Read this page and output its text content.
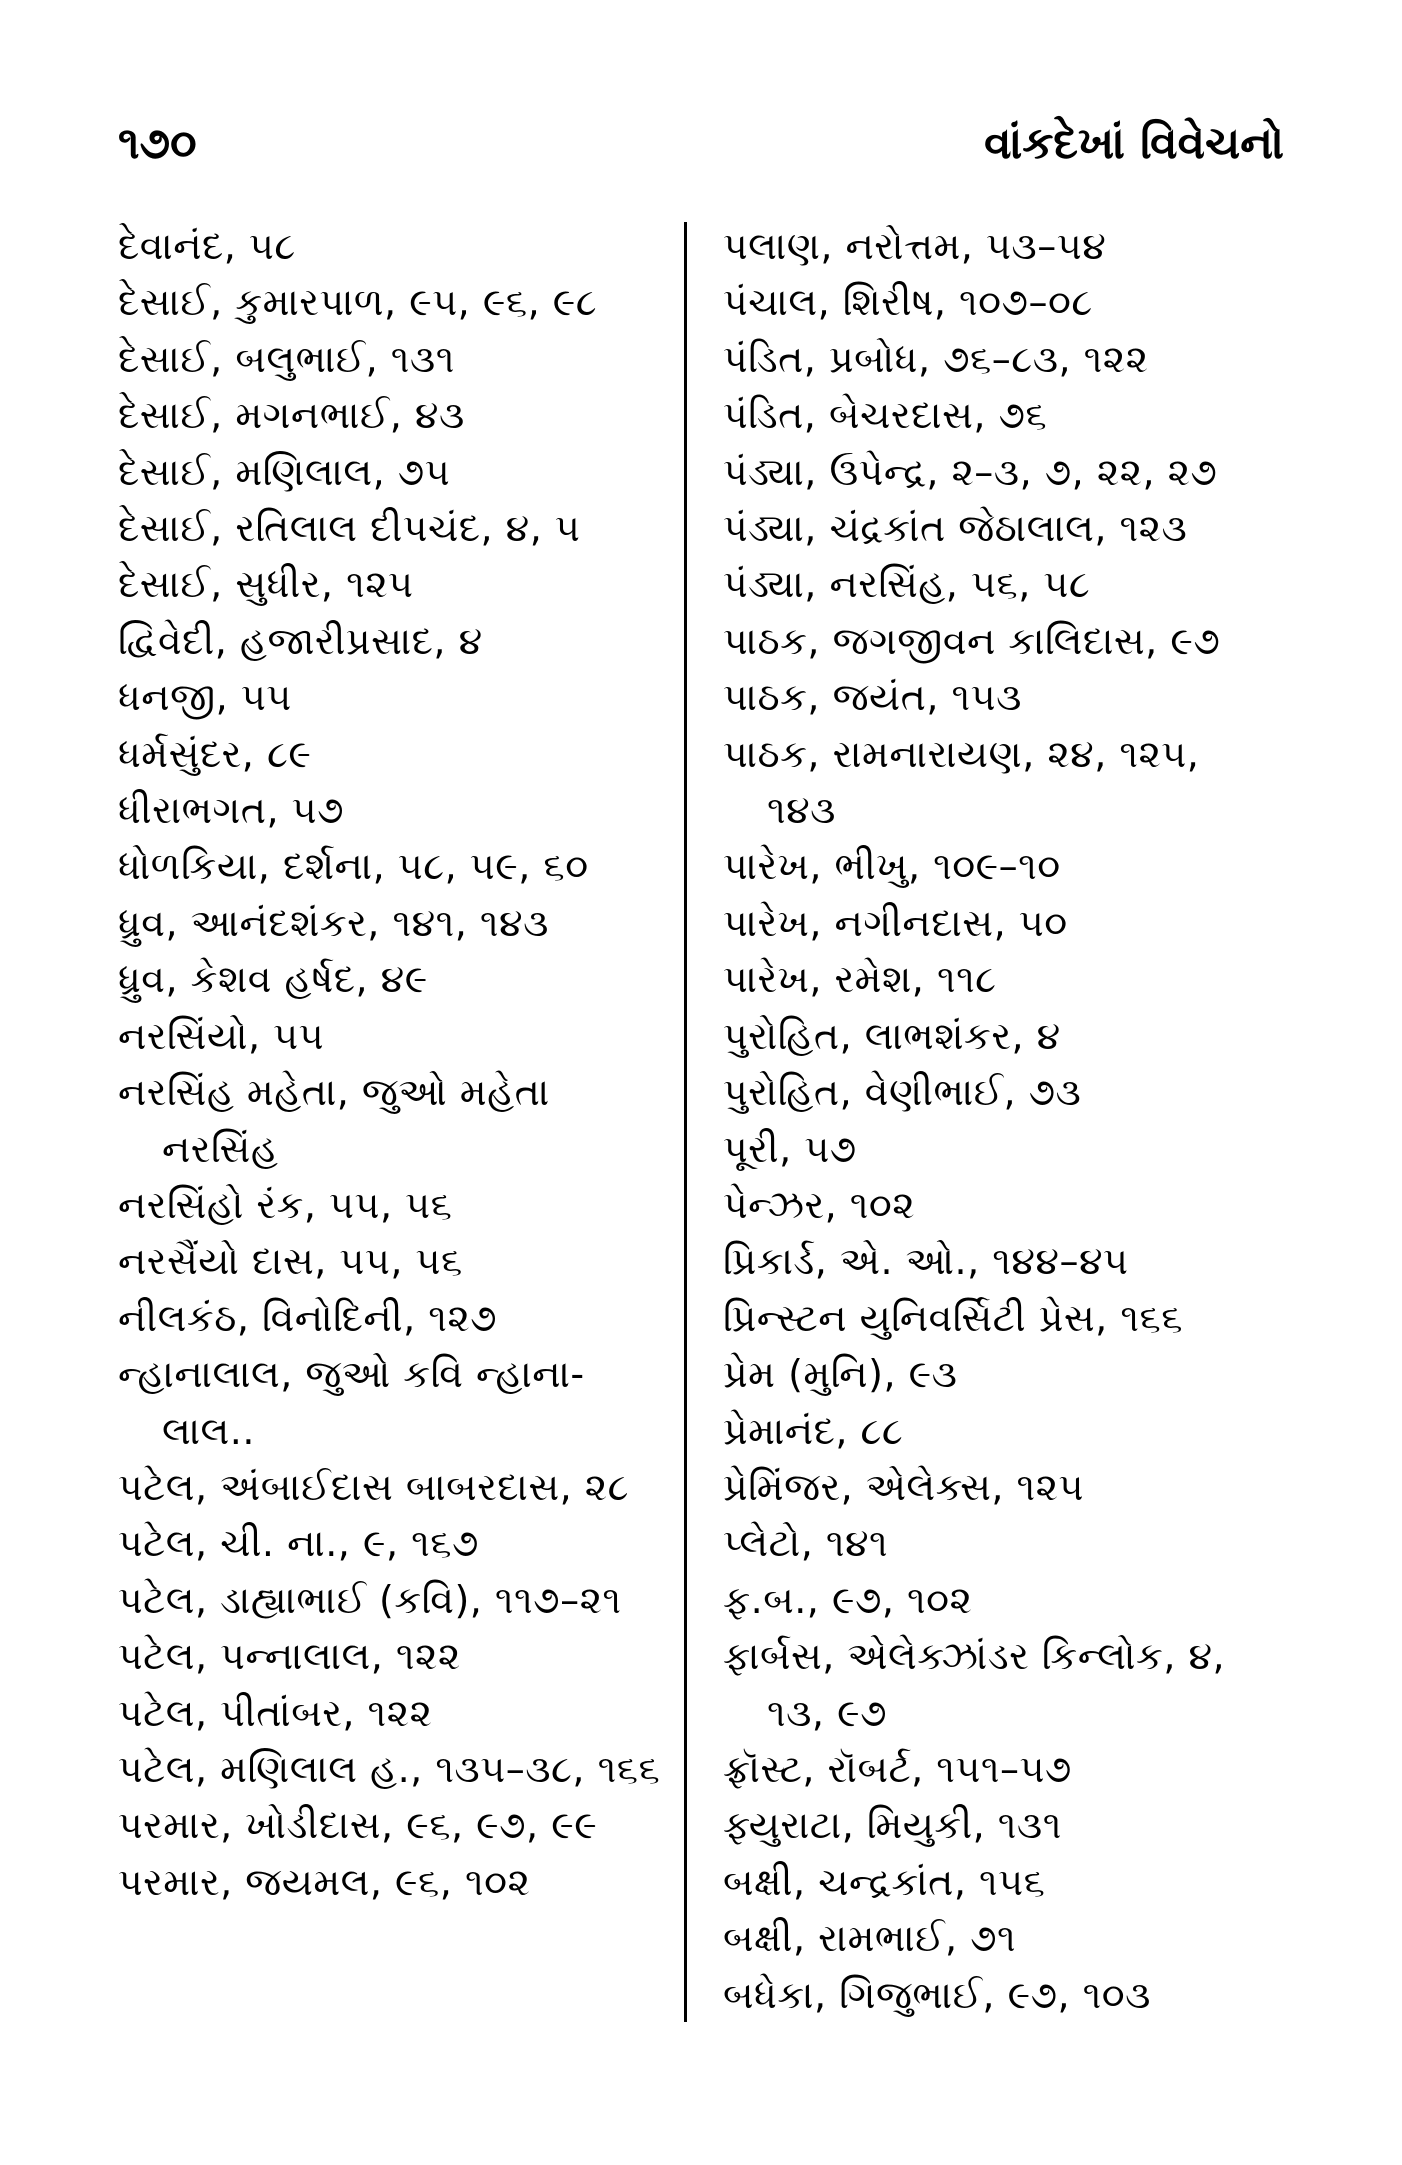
૧૭૦	વાંકદેખાં વિવેચનો
દેવાનંદ, ૫૮
દેસાઈ, કુમારપાળ, ૯૫, ૯૬, ૯૮
દેસાઈ, બલુભાઈ, ૧૩૧
દેસાઈ, મગનભાઈ, ૪૩
દેસાઈ, મણિલાલ, ૭૫
દેસાઈ, રતિલાલ દીપચંદ, ૪, ૫
દેસાઈ, સુધીર, ૧૨૫
દ્વિવેદી, હજારીપ્રસાદ, ૪
ધનજી, ૫૫
ધર્મસુંદર, ૮૯
ધીરાભગત, ૫૭
ધોળકિયા, દર્શના, ૫૮, ૫૯, ૬૦
ધ્રુવ, આનંદશંકર, ૧૪૧, ૧૪૩
ધ્રુવ, કેશવ હર્ષદ, ૪૯
નરસિંયો, ૫૫
નરસિંહ મહેતા, જુઓ મહેતા નરસિંહ
નરસિંહો રંક, ૫૫, ૫૬
નરસૈંયો દાસ, ૫૫, ૫૬
નીલકંઠ, વિનોદિની, ૧૨૭
ન્હાનાલાલ, જુઓ કવિ ન્હાના-લાલ..
પટેલ, અંબાઈદાસ બાબરદાસ, ૨૮
પટેલ, ચી. ના., ૯, ૧૬૭
પટેલ, ડાહ્યાભાઈ (કવિ), ૧૧૭–૨૧
પટેલ, પન્નાલાલ, ૧૨૨
પટેલ, પીતાંબર, ૧૨૨
પટેલ, મણિલાલ હ., ૧૩૫–૩૮, ૧૬૬
પરમાર, ખોડીદાસ, ૯૬, ૯૭, ૯૯
પરમાર, જયમલ, ૯૬, ૧૦૨
પલાણ, નરોત્તમ, ૫૩–૫૪
પંચાલ, શિરીષ, ૧૦૭–૦૮
પંડિત, પ્રબોધ, ૭૬–૮૩, ૧૨૨
પંડિત, બેચરદાસ, ૭૬
પંડ્યા, ઉપેન્દ્ર, ૨–૩, ૭, ૨૨, ૨૭
પંડ્યા, ચંદ્રકાંત જેઠાલાલ, ૧૨૩
પંડ્યા, નરસિંહ, ૫૬, ૫૮
પાઠક, જગજીવન કાલિદાસ, ૯૭
પાઠક, જયંત, ૧૫૩
પાઠક, રામનારાયણ, ૨૪, ૧૨૫, ૧૪૩
પારેખ, ભીખુ, ૧૦૯–૧૦
પારેખ, નગીનદાસ, ૫૦
પારેખ, રમેશ, ૧૧૮
પુરોહિત, લાભશંકર, ૪
પુરોહિત, વેણીભાઈ, ૭૩
પૂરી, ૫૭
પેન્ઝર, ૧૦૨
પ્રિકાર્ડ, એ. ઓ., ૧૪૪–૪૫
પ્રિન્સ્ટન યુનિવર્સિટી પ્રેસ, ૧૬૬
પ્રેમ (મુનિ), ૯૩
પ્રેમાનંદ, ૮૮
પ્રેમિંજર, એલેક્સ, ૧૨૫
પ્લેટો, ૧૪૧
ફ.બ., ૯૭, ૧૦૨
ફાર્બસ, એલેક્ઝાંડર કિન્લોક, ૪, ૧૩, ૯૭
ફ્રૉસ્ટ, રૉબર્ટ, ૧૫૧–૫૭
ફ્યુરાટા, મિયુકી, ૧૩૧
બક્ષી, ચન્દ્રકાંત, ૧૫૬
બક્ષી, રામભાઈ, ૭૧
બધેકા, ગિજુભાઈ, ૯૭, ૧૦૩
